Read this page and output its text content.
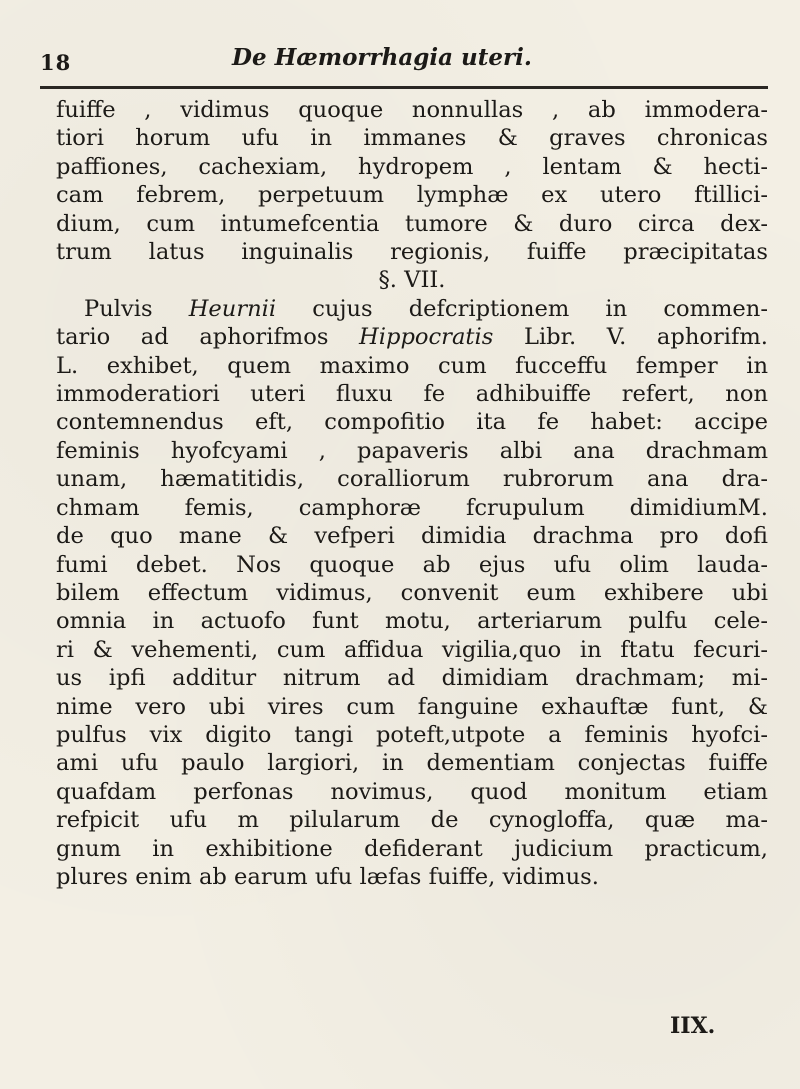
18	De Hæmorrhagia uteri.
fuiffe , vidimus quoque nonnullas , ab immodera-
tiori horum ufu in immanes & graves chronicas
paffiones, cachexiam, hydropem , lentam & hecti-
cam febrem, perpetuum lymphæ ex utero ftillici-
dium, cum intumefcentia tumore & duro circa dex-
trum latus inguinalis regionis, fuiffe præcipitatas
§. VII.
Pulvis Heurnii cujus defcriptionem in commen-
tario ad aphorifmos Hippocratis Libr. V. aphorifm.
L. exhibet, quem maximo cum fucceffu femper in
immoderatiori uteri fluxu fe adhibuiffe refert, non
contemnendus eft, compofitio ita fe habet: accipe
feminis hyofcyami , papaveris albi ana drachmam
unam, hæmatitidis, coralliorum rubrorum ana dra-
chmam femis, camphoræ fcrupulum dimidiumM.
de quo mane & vefperi dimidia drachma pro dofi
fumi debet. Nos quoque ab ejus ufu olim lauda-
bilem effectum vidimus, convenit eum exhibere ubi
omnia in actuofo funt motu, arteriarum pulfu cele-
ri & vehementi, cum affidua vigilia,quo in ftatu fecuri-
us ipfi additur nitrum ad dimidiam drachmam; mi-
nime vero ubi vires cum fanguine exhauftæ funt, &
pulfus vix digito tangi poteft,utpote a feminis hyofci-
ami ufu paulo largiori, in dementiam conjectas fuiffe
quafdam perfonas novimus, quod monitum etiam
refpicit ufu m pilularum de cynogloffa, quæ ma-
gnum in exhibitione defiderant judicium practicum,
plures enim ab earum ufu læfas fuiffe, vidimus.
IIX.
